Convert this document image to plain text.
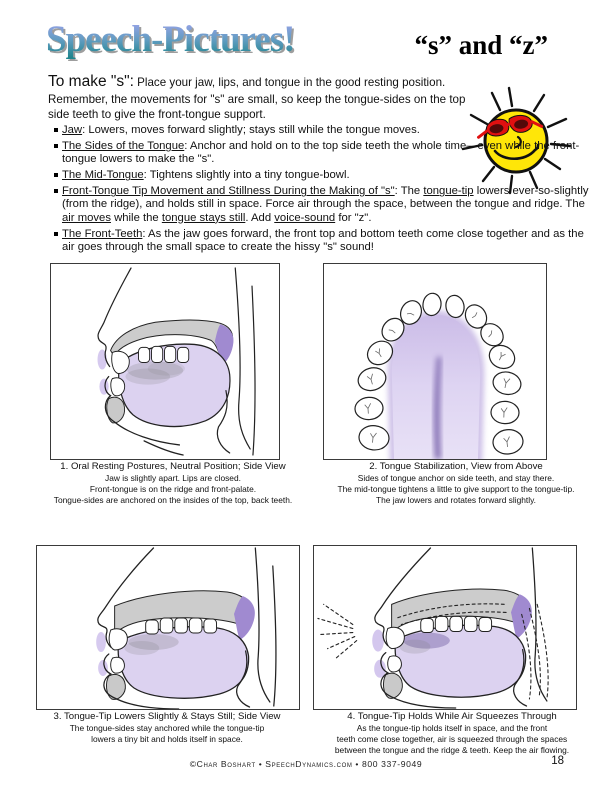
Speech-Pictures!	“s” and “z”

To make "s": Place your jaw, lips, and tongue in the good resting position. Remember, the movements for "s" are small, so keep the tongue-sides on the top side teeth to give the front-tongue support.

Jaw: Lowers, moves forward slightly; stays still while the tongue moves.
The Sides of the Tongue: Anchor and hold on to the top side teeth the whole time—even while the front-tongue lowers to make the "s".
The Mid-Tongue: Tightens slightly into a tiny tongue-bowl.
Front-Tongue Tip Movement and Stillness During the Making of "s": The tongue-tip lowers ever-so-slightly (from the ridge), and holds still in space. Force air through the space, between the tongue and ridge. The air moves while the tongue stays still. Add voice-sound for "z".
The Front-Teeth: As the jaw goes forward, the front top and bottom teeth come close together and as the air goes through the small space to create the hissy "s" sound!
1. Oral Resting Postures, Neutral Position; Side View
Jaw is slightly apart. Lips are closed.
Front-tongue is on the ridge and front-palate.
Tongue-sides are anchored on the insides of the top, back teeth.
2. Tongue Stabilization, View from Above
Sides of tongue anchor on side teeth, and stay there.
The mid-tongue tightens a little to give support to the tongue-tip.
The jaw lowers and rotates forward slightly.
3. Tongue-Tip Lowers Slightly & Stays Still; Side View
The tongue-sides stay anchored while the tongue-tip
lowers a tiny bit and holds itself in space.
4. Tongue-Tip Holds While Air Squeezes Through
As the tongue-tip holds itself in space, and the front
teeth come close together, air is squeezed through the spaces
between the tongue and the ridge & teeth. Keep the air flowing.
©Char Boshart • SpeechDynamics.com • 800 337-9049	18
